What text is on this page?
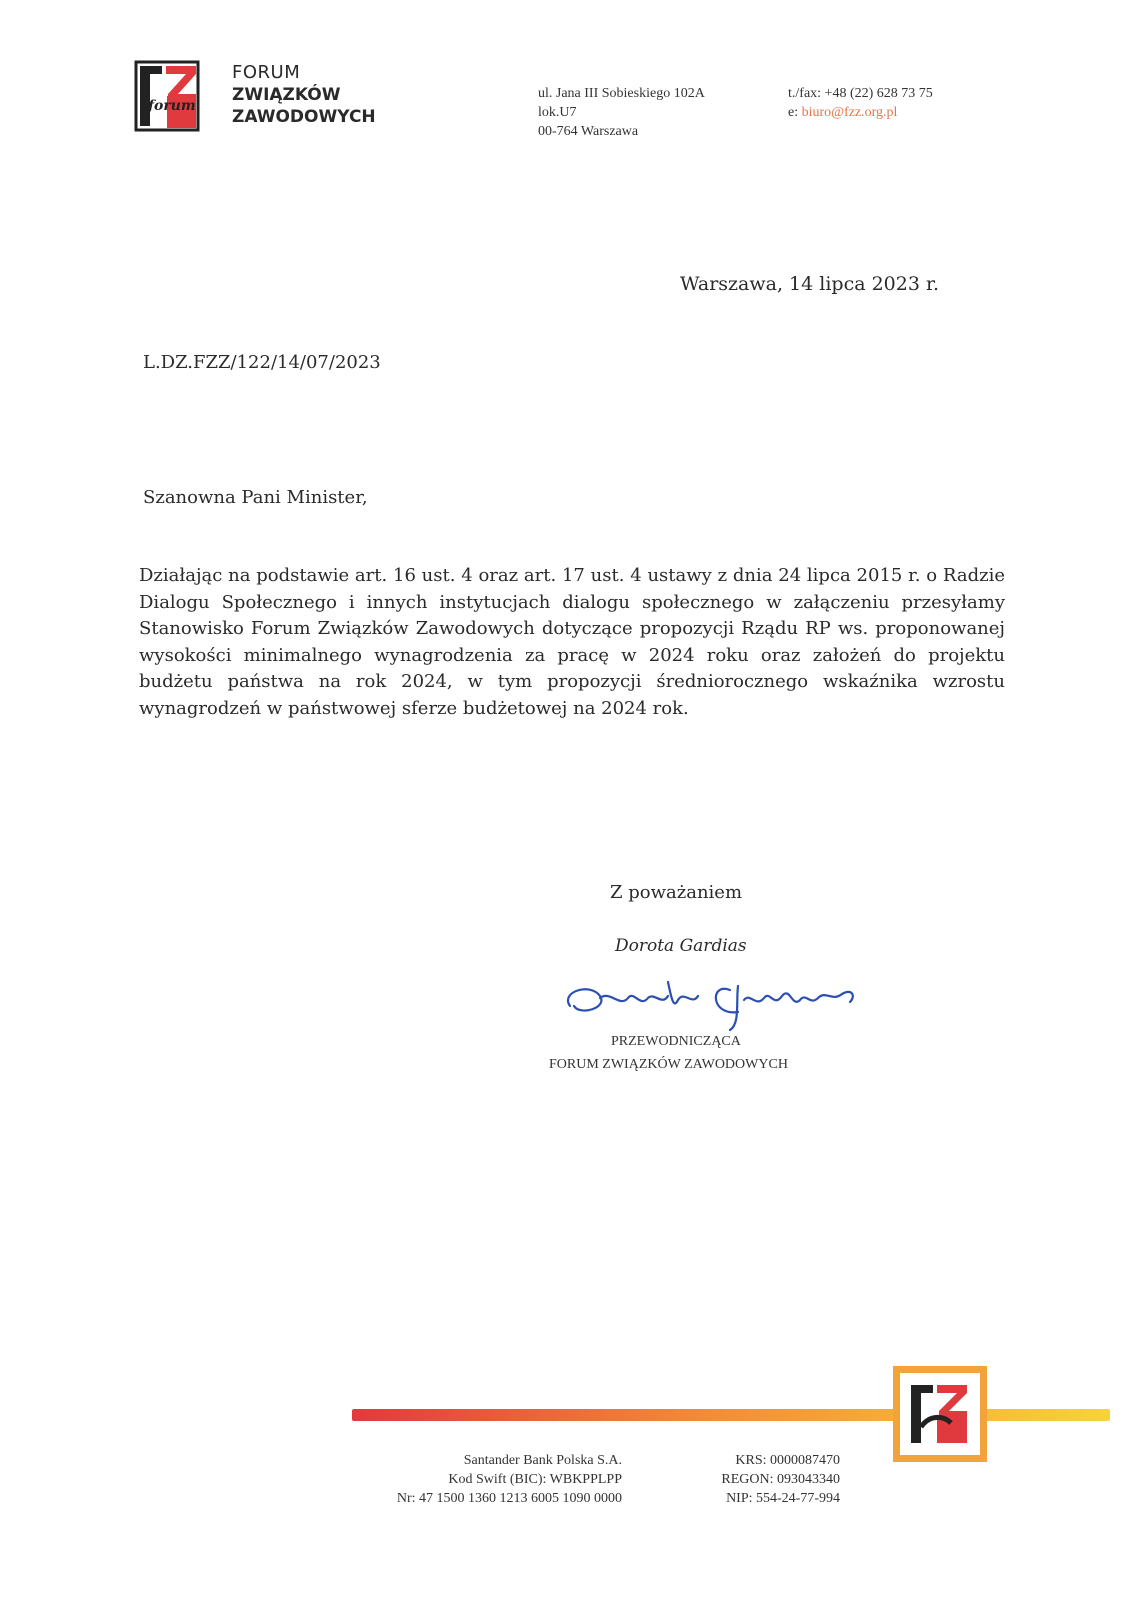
forum
FORUM
ZWIĄZKÓW
ZAWODOWYCH
ul. Jana III Sobieskiego 102A
lok.U7
00-764 Warszawa
t./fax: +48 (22) 628 73 75
e: biuro@fzz.org.pl
Warszawa, 14 lipca 2023 r.
L.DZ.FZZ/122/14/07/2023
Szanowna Pani Minister,
Działając na podstawie art. 16 ust. 4 oraz art. 17 ust. 4 ustawy z dnia 24 lipca 2015 r. o Radzie Dialogu Społecznego i innych instytucjach dialogu społecznego w załączeniu przesyłamy Stanowisko Forum Związków Zawodowych dotyczące propozycji Rządu RP ws. proponowanej wysokości minimalnego wynagrodzenia za pracę w 2024 roku oraz założeń do projektu budżetu państwa na rok 2024, w tym propozycji średniorocznego wskaźnika wzrostu wynagrodzeń w państwowej sferze budżetowej na 2024 rok.
Z poważaniem
Dorota Gardias
PRZEWODNICZĄCA
FORUM ZWIĄZKÓW ZAWODOWYCH
Santander Bank Polska S.A.
Kod Swift (BIC): WBKPPLPP
Nr: 47 1500 1360 1213 6005 1090 0000
KRS: 0000087470
REGON: 093043340
NIP: 554-24-77-994
